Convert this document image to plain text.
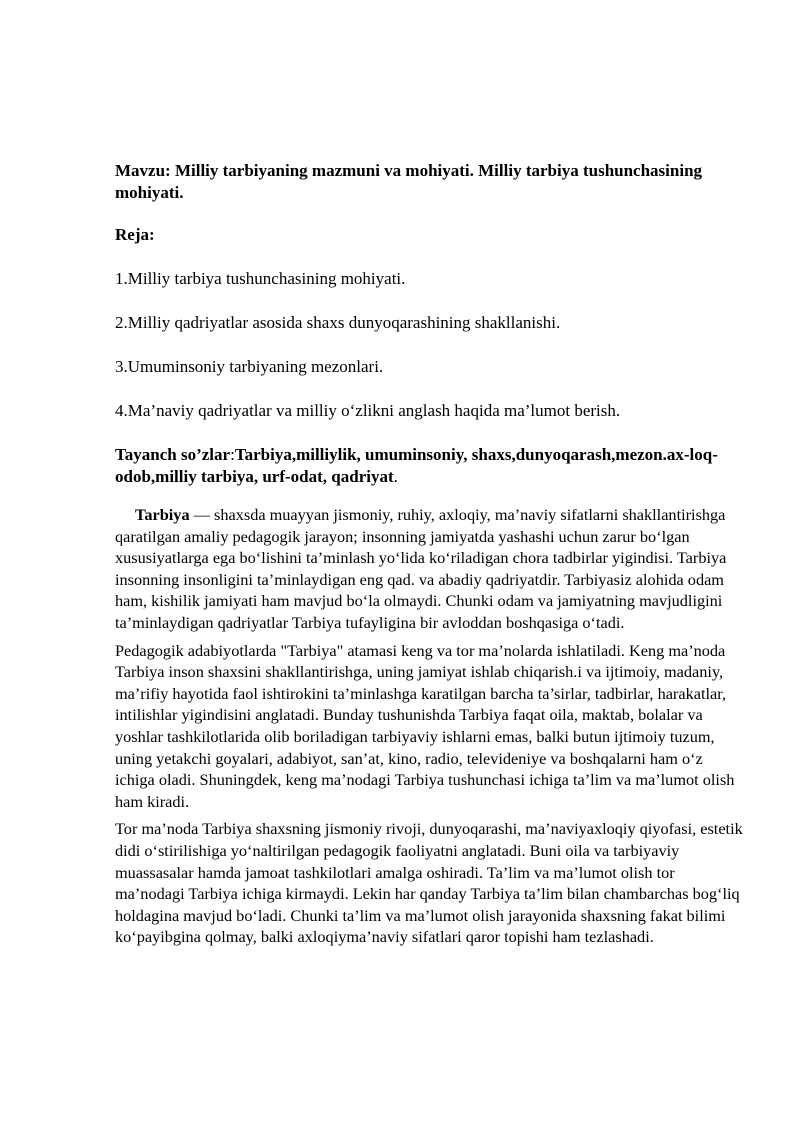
Mavzu: Milliy tarbiyaning mazmuni va mohiyati. Milliy tarbiya tushunchasining mohiyati.
Reja:
1.Milliy tarbiya tushunchasining mohiyati.
2.Milliy qadriyatlar asosida shaxs dunyoqarashining shakllanishi.
3.Umuminsoniy tarbiyaning mezonlari.
4.Ma’naviy qadriyatlar va milliy o‘zlikni anglash haqida ma’lumot berish.
Tayanch so’zlar:Tarbiya,milliylik, umuminsoniy, shaxs,dunyoqarash,mezon.ax-loq-odob,milliy tarbiya, urf-odat, qadriyat.

Tarbiya — shaxsda muayyan jismoniy, ruhiy, axloqiy, ma’naviy sifatlarni shakllantirishga qaratilgan amaliy pedagogik jarayon; insonning jamiyatda yashashi uchun zarur bo‘lgan xususiyatlarga ega bo‘lishini ta’minlash yo‘lida ko‘riladigan chora tadbirlar yigindisi. Tarbiya insonning insonligini ta’minlaydigan eng qad. va abadiy qadriyatdir. Tarbiyasiz alohida odam ham, kishilik jamiyati ham mavjud bo‘la olmaydi. Chunki odam va jamiyatning mavjudligini ta’minlaydigan qadriyatlar Tarbiya tufayligina bir avloddan boshqasiga o‘tadi.

Pedagogik adabiyotlarda "Tarbiya" atamasi keng va tor ma’nolarda ishlatiladi. Keng ma’noda Tarbiya inson shaxsini shakllantirishga, uning jamiyat ishlab chiqarish.i va ijtimoiy, madaniy, ma’rifiy hayotida faol ishtirokini ta’minlashga karatilgan barcha ta’sirlar, tadbirlar, harakatlar, intilishlar yigindisini anglatadi. Bunday tushunishda Tarbiya faqat oila, maktab, bolalar va yoshlar tashkilotlarida olib boriladigan tarbiyaviy ishlarni emas, balki butun ijtimoiy tuzum, uning yetakchi goyalari, adabiyot, san’at, kino, radio, televideniye va boshqalarni ham o‘z ichiga oladi. Shuningdek, keng ma’nodagi Tarbiya tushunchasi ichiga ta’lim va ma’lumot olish ham kiradi.

Tor ma’noda Tarbiya shaxsning jismoniy rivoji, dunyoqarashi, ma’naviyaxloqiy qiyofasi, estetik didi o‘stirilishiga yo‘naltirilgan pedagogik faoliyatni anglatadi. Buni oila va tarbiyaviy muassasalar hamda jamoat tashkilotlari amalga oshiradi. Ta’lim va ma’lumot olish tor ma’nodagi Tarbiya ichiga kirmaydi. Lekin har qanday Tarbiya ta’lim bilan chambarchas bog‘liq holdagina mavjud bo‘ladi. Chunki ta’lim va ma’lumot olish jarayonida shaxsning fakat bilimi ko‘payibgina qolmay, balki axloqiyma’naviy sifatlari qaror topishi ham tezlashadi.
